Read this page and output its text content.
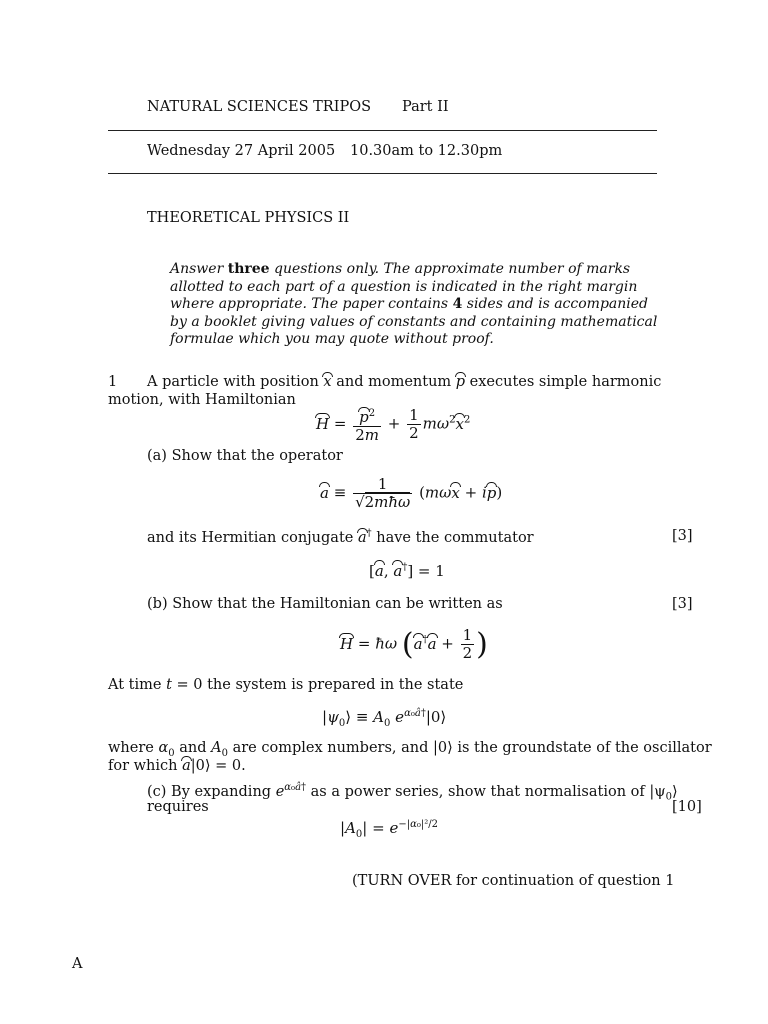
NATURAL SCIENCES TRIPOS Part II
Wednesday 27 April 2005 10.30am to 12.30pm
THEORETICAL PHYSICS II
Answer three questions only. The approximate number of marks
allotted to each part of a question is indicated in the right margin
where appropriate. The paper contains 4 sides and is accompanied
by a booklet giving values of constants and containing mathematical
formulae which you may quote without proof.
1 A particle with position x and momentum p executes simple harmonic
motion, with Hamiltonian
$H = \frac{p^2}{2m} + \frac{1}{2} m\omega^2x^2$
(a) Show that the operator
$a \equiv \frac{1}{\text{√2mħω}} (m\omega x + ip)$
and its Hermitian conjugate a† have the commutator	[3]
[a, a†] = 1
(b) Show that the Hamiltonian can be written as	[3]
H = ħω ($a^\dagger a + \frac{1}{2}$ )
At time t = 0 the system is prepared in the state
$|\psi_0⟩ \equiv A_0$ $e^{\alpha_0â\dagger}|0⟩$
where $\alpha_0$ and $A_0$ are complex numbers, and |0⟩ is the groundstate of the oscillator
for which a|0⟩ = 0.
(c) By expanding $e^{\alpha_0â\dagger}$ as a power series, show that normalisation of $|\psi_0⟩$
requires	[10]
$|A_0| = e^{-|\alpha_0|^2/2}$
(TURN OVER for continuation of question 1
A
